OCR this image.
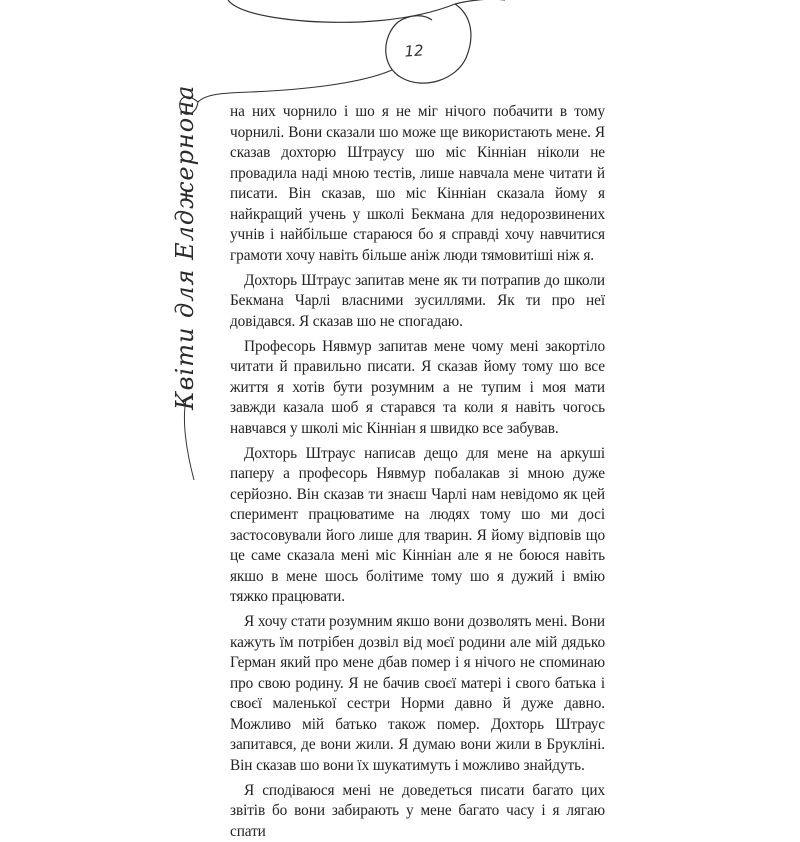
12
Квіти для Елджернона	на них чорнило і шо я не міг нічого побачити в тому чорнилі. Вони сказали шо може ще використають мене. Я сказав дохторю Штраусу шо міс Кінніан ніколи не провадила наді мною тестів, лише навчала мене читати й писати. Він сказав, шо міс Кінніан сказала йому я найкращий учень у школі Бекмана для недорозвинених учнів і найбільше стараюся бо я справді хочу навчитися грамоти хочу навіть більше аніж люди тямовитіші ніж я.

Дохторь Штраус запитав мене як ти потрапив до школи Бекмана Чарлі власними зусиллями. Як ти про неї довідався. Я сказав шо не спогадаю.

Професорь Нявмур запитав мене чому мені закортіло читати й правильно писати. Я сказав йому тому шо все життя я хотів бути розумним а не тупим і моя мати завжди казала шоб я старався та коли я навіть чогось навчався у школі міс Кінніан я швидко все забував.

Дохторь Штраус написав дещо для мене на аркуші паперу а професорь Нявмур побалакав зі мною дуже серйозно. Він сказав ти знаєш Чарлі нам невідомо як цей сперимент працюватиме на людях тому шо ми досі застосовували його лише для тварин. Я йому відповів що це саме сказала мені міс Кінніан але я не боюся навіть якшо в мене шось болітиме тому шо я дужий і вмію тяжко працювати.

Я хочу стати розумним якшо вони дозволять мені. Вони кажуть їм потрібен дозвіл від моєї родини але мій дядько Герман який про мене дбав помер і я нічого не споминаю про свою родину. Я не бачив своєї матері і свого батька і своєї маленької сестри Норми давно й дуже давно. Можливо мій батько також помер. Дохторь Штраус запитався, де вони жили. Я думаю вони жили в Брукліні. Він сказав шо вони їх шукатимуть і можливо знайдуть.

Я сподіваюся мені не доведеться писати багато цих звітів бо вони забирають у мене багато часу і я лягаю спати
